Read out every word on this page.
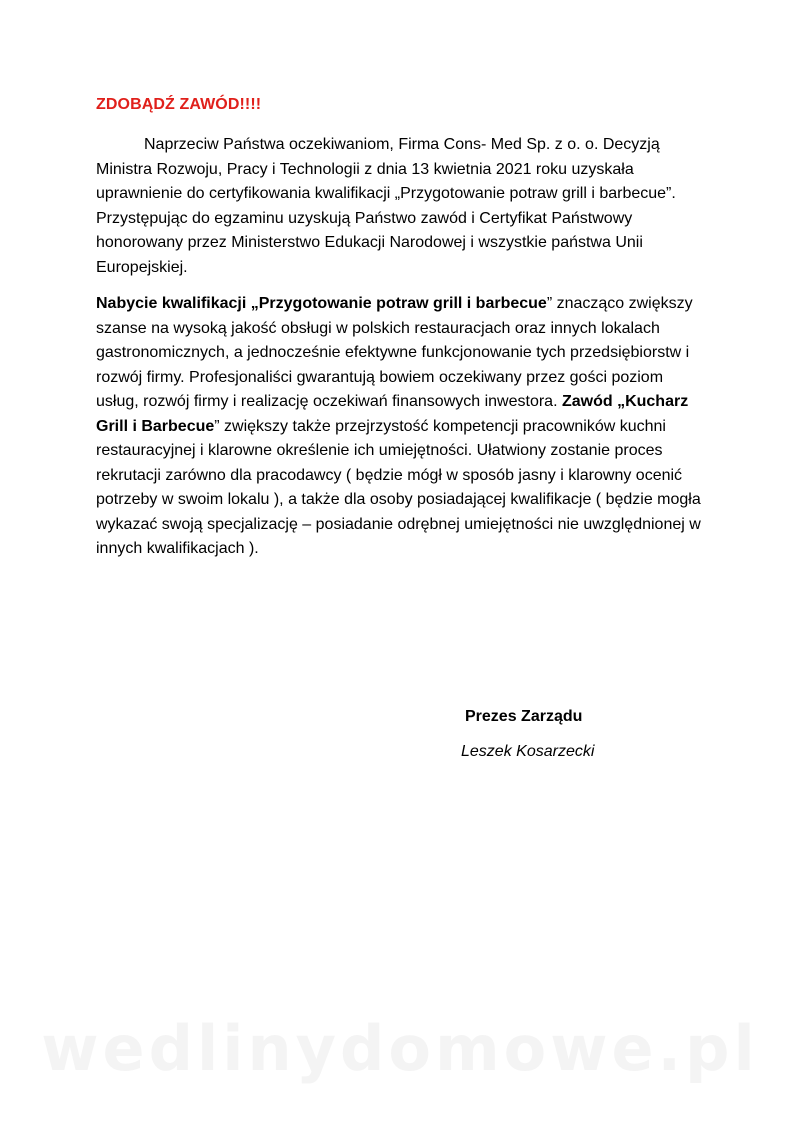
ZDOBĄDŹ ZAWÓD!!!!

Naprzeciw Państwa oczekiwaniom, Firma Cons- Med Sp. z o. o. Decyzją Ministra Rozwoju, Pracy i Technologii z dnia 13 kwietnia 2021 roku uzyskała uprawnienie do certyfikowania kwalifikacji „Przygotowanie potraw grill i barbecue”. Przystępując do egzaminu uzyskują Państwo zawód i Certyfikat Państwowy honorowany przez Ministerstwo Edukacji Narodowej i wszystkie państwa Unii Europejskiej.

Nabycie kwalifikacji „Przygotowanie potraw grill i barbecue” znacząco zwiększy szanse na wysoką jakość obsługi w polskich restauracjach oraz innych lokalach gastronomicznych, a jednocześnie efektywne funkcjonowanie tych przedsiębiorstw i rozwój firmy. Profesjonaliści gwarantują bowiem oczekiwany przez gości poziom usług, rozwój firmy i realizację oczekiwań finansowych inwestora. Zawód „Kucharz Grill i Barbecue” zwiększy także przejrzystość kompetencji pracowników kuchni restauracyjnej i klarowne określenie ich umiejętności. Ułatwiony zostanie proces rekrutacji zarówno dla pracodawcy ( będzie mógł w sposób jasny i klarowny ocenić potrzeby w swoim lokalu ), a także dla osoby posiadającej kwalifikacje ( będzie mogła wykazać swoją specjalizację – posiadanie odrębnej umiejętności nie uwzględnionej w innych kwalifikacjach ).

Prezes Zarządu
Leszek Kosarzecki
wedlinydomowe.pl
